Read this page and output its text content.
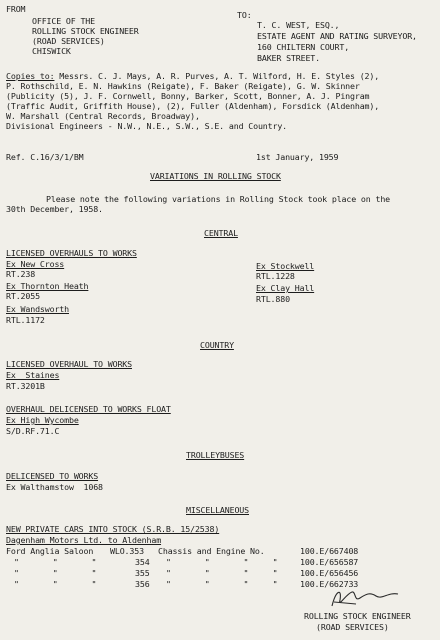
FROM
OFFICE OF THE
ROLLING STOCK ENGINEER
(ROAD SERVICES)
CHISWICK
TO:
T. C. WEST, ESQ.,
ESTATE AGENT AND RATING SURVEYOR,
160 CHILTERN COURT,
BAKER STREET.
Copies to: Messrs. C. J. Mays, A. R. Purves, A. T. Wilford, H. E. Styles (2),
P. Rothschild, E. N. Hawkins (Reigate), F. Baker (Reigate), G. W. Skinner
(Publicity (5), J. F. Cornwell, Bonny, Barker, Scott, Bonner, A. J. Pingram
(Traffic Audit, Griffith House), (2), Fuller (Aldenham), Forsdick (Aldenham),
W. Marshall (Central Records, Broadway),
Divisional Engineers - N.W., N.E., S.W., S.E. and Country.
Ref. C.16/3/1/BM	1st January, 1959
VARIATIONS IN ROLLING STOCK
Please note the following variations in Rolling Stock took place on the
30th December, 1958.
CENTRAL
LICENSED OVERHAULS TO WORKS
Ex New Cross
RT.238
Ex Thornton Heath
RT.2055
Ex Wandsworth
RTL.1172
Ex Stockwell
RTL.1228
Ex Clay Hall
RTL.880
COUNTRY
LICENSED OVERHAUL TO WORKS
Ex  Staines
RT.3201B
OVERHAUL DELICENSED TO WORKS FLOAT
Ex High Wycombe
S/D.RF.71.C
TROLLEYBUSES
DELICENSED TO WORKS
Ex Walthamstow  1068
MISCELLANEOUS
NEW PRIVATE CARS INTO STOCK (S.R.B. 15/2538)
Dagenham Motors Ltd. to Aldenham
Ford Anglia Saloon WLO.353 Chassis and Engine No.	100.E/667408
"       "       "	354 "       "       "     "	100.E/656587
"       "       "	355 "       "       "     "	100.E/656456
"       "       "	356 "       "       "     "	100.E/662733
ROLLING STOCK ENGINEER
(ROAD SERVICES)
